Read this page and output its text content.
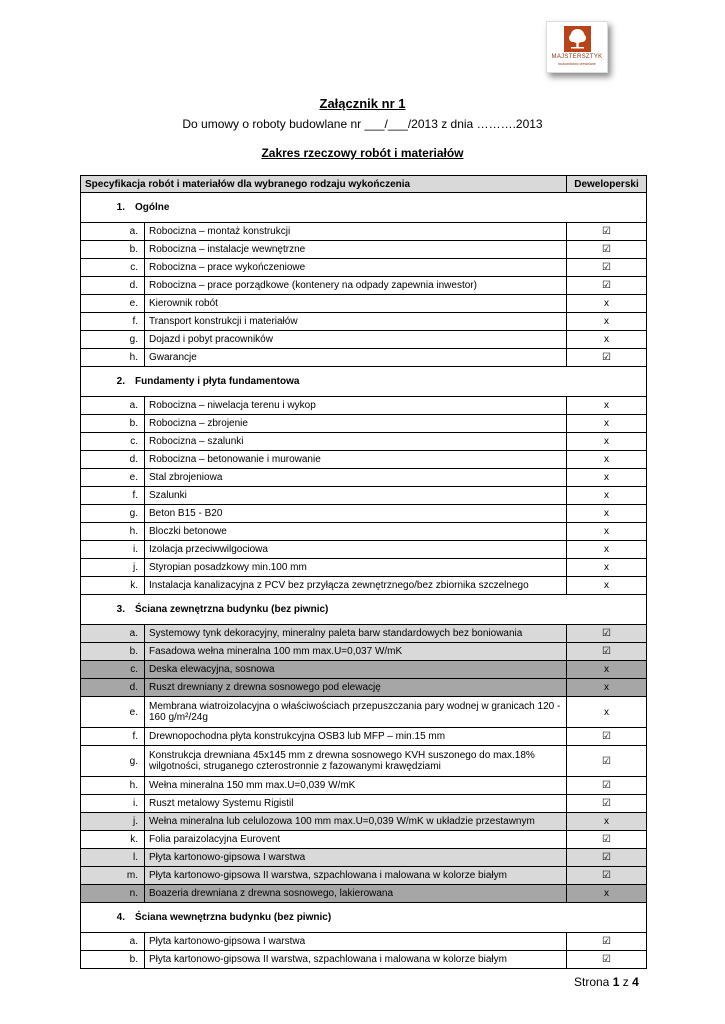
MAJSTERSZTYK
budownictwo drewniane
Załącznik nr 1
Do umowy o roboty budowlane nr ___/___/2013 z dnia ……….2013
Zakres rzeczowy robót i materiałów
Specyfikacja robót i materiałów dla wybranego rodzaju wykończenia		Deweloperski
1. Ogólne		
a.	Robocizna – montaż konstrukcji	☑
b.	Robocizna – instalacje wewnętrzne	☑
c.	Robocizna – prace wykończeniowe	☑
d.	Robocizna – prace porządkowe (kontenery na odpady zapewnia inwestor)	☑
e.	Kierownik robót	x
f.	Transport konstrukcji i materiałów	x
g.	Dojazd i pobyt pracowników	x
h.	Gwarancje	☑
2. Fundamenty i płyta fundamentowa		
a.	Robocizna – niwelacja terenu i wykop	x
b.	Robocizna – zbrojenie	x
c.	Robocizna – szalunki	x
d.	Robocizna – betonowanie i murowanie	x
e.	Stal zbrojeniowa	x
f.	Szalunki	x
g.	Beton B15 - B20	x
h.	Bloczki betonowe	x
i.	Izolacja przeciwwilgociowa	x
j.	Styropian posadzkowy min.100 mm	x
k.	Instalacja kanalizacyjna z PCV bez przyłącza zewnętrznego/bez zbiornika szczelnego	x
3. Ściana zewnętrzna budynku (bez piwnic)		
a.	Systemowy tynk dekoracyjny, mineralny paleta barw standardowych bez boniowania	☑
b.	Fasadowa wełna mineralna 100 mm max.U=0,037 W/mK	☑
c.	Deska elewacyjna, sosnowa	x
d.	Ruszt drewniany z drewna sosnowego pod elewację	x
e.	Membrana wiatroizolacyjna o właściwościach przepuszczania pary wodnej w granicach 120 - 160 g/m²/24g	x
f.	Drewnopochodna płyta konstrukcyjna OSB3 lub MFP – min.15 mm	☑
g.	Konstrukcja drewniana 45x145 mm z drewna sosnowego KVH suszonego do max.18% wilgotności, struganego czterostronnie z fazowanymi krawędziami	☑
h.	Wełna mineralna 150 mm max.U=0,039 W/mK	☑
i.	Ruszt metalowy Systemu Rigistil	☑
j.	Wełna mineralna lub celulozowa 100 mm max.U=0,039 W/mK w układzie przestawnym	x
k.	Folia paraizolacyjna Eurovent	☑
l.	Płyta kartonowo-gipsowa I warstwa	☑
m.	Płyta kartonowo-gipsowa II warstwa, szpachlowana i malowana w kolorze białym	☑
n.	Boazeria drewniana z drewna sosnowego, lakierowana	x
4. Ściana wewnętrzna budynku (bez piwnic)		
a.	Płyta kartonowo-gipsowa I warstwa	☑
b.	Płyta kartonowo-gipsowa II warstwa, szpachlowana i malowana w kolorze białym	☑
Strona 1 z 4
